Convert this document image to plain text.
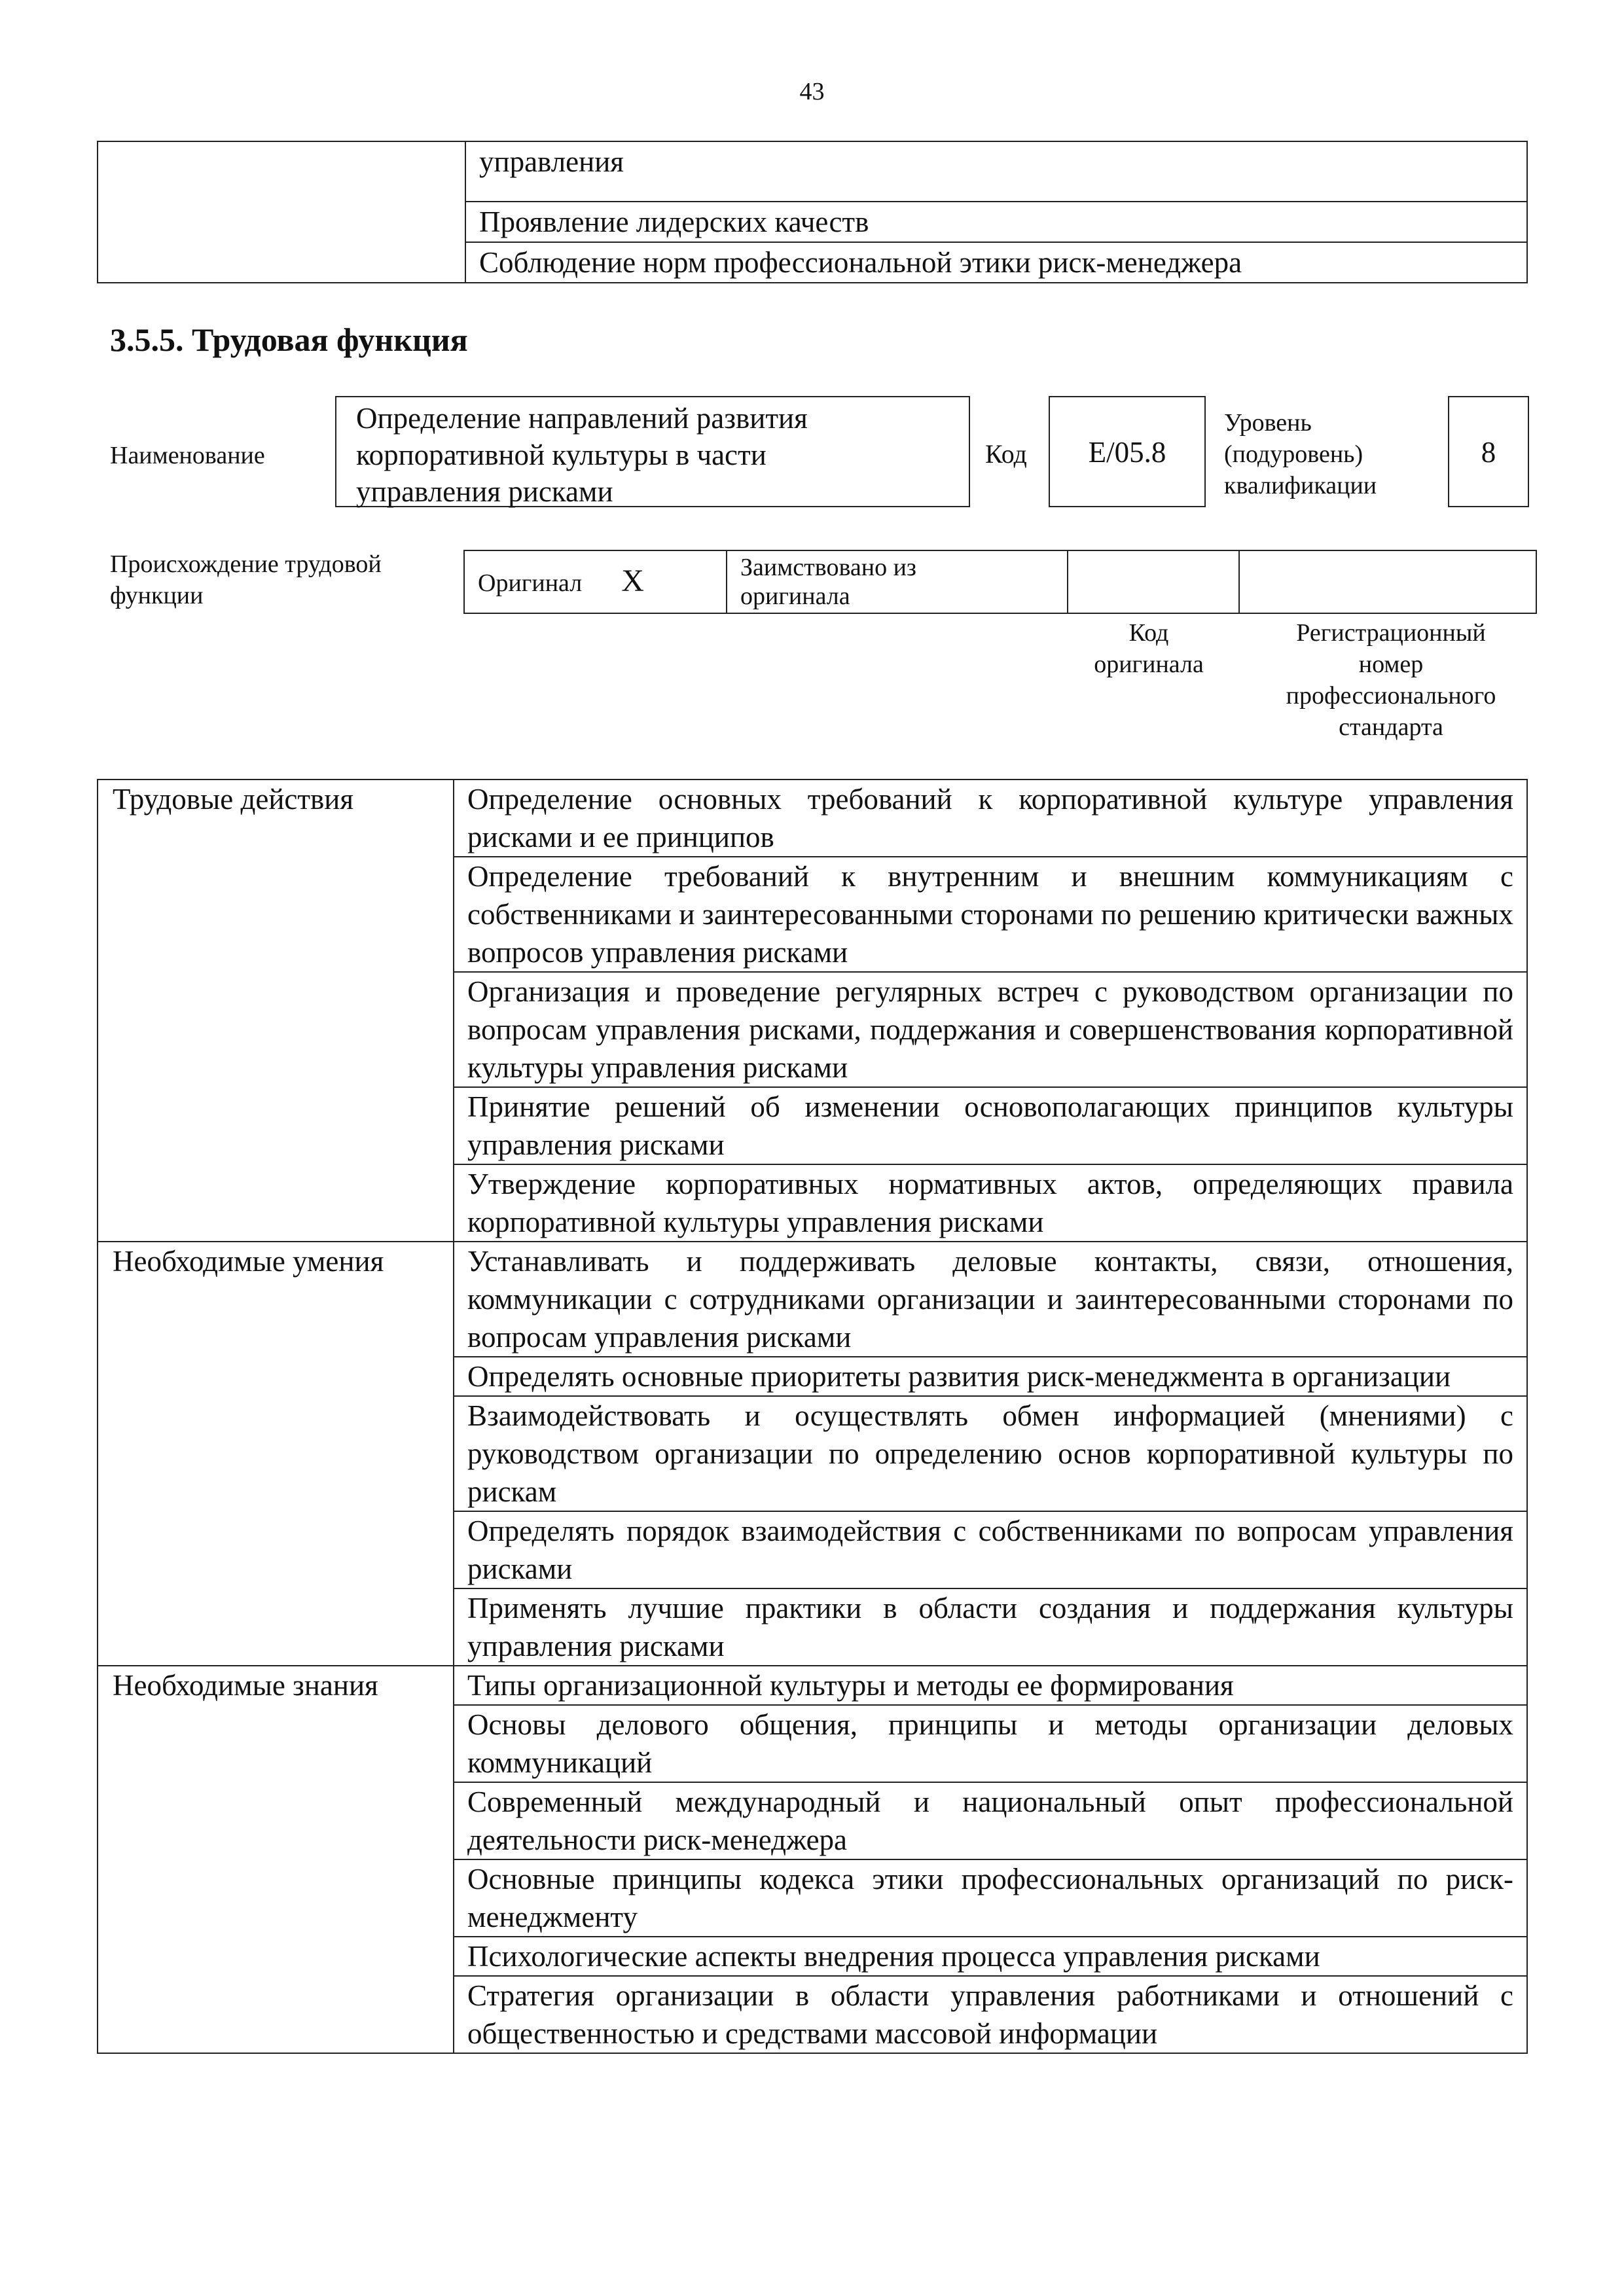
43
	управления
Проявление лидерских качеств
Соблюдение норм профессиональной этики риск-менеджера
3.5.5. Трудовая функция
Наименование
Определение направлений развития
корпоративной культуры в части
управления рисками
Код	E/05.8
Уровень
(подуровень)
квалификации
8
Происхождение трудовой
функции	Оригинал X	Заимствовано из
оригинала

Код
оригинала
Регистрационный
номер
профессионального
стандарта
Трудовые действия	Определение основных требований к корпоративной культуре управления рисками и ее принципов
	Определение требований к внутренним и внешним коммуникациям с собственниками и заинтересованными сторонами по решению критически важных вопросов управления рисками
	Организация и проведение регулярных встреч с руководством организации по вопросам управления рисками, поддержания и совершенствования корпоративной культуры управления рисками
	Принятие решений об изменении основополагающих принципов культуры управления рисками
	Утверждение корпоративных нормативных актов, определяющих правила корпоративной культуры управления рисками
Необходимые умения	Устанавливать и поддерживать деловые контакты, связи, отношения, коммуникации с сотрудниками организации и заинтересованными сторонами по вопросам управления рисками
	Определять основные приоритеты развития риск-менеджмента в организации
	Взаимодействовать и осуществлять обмен информацией (мнениями) с руководством организации по определению основ корпоративной культуры по рискам
	Определять порядок взаимодействия с собственниками по вопросам управления рисками
	Применять лучшие практики в области создания и поддержания культуры управления рисками
Необходимые знания	Типы организационной культуры и методы ее формирования
	Основы делового общения, принципы и методы организации деловых коммуникаций
	Современный международный и национальный опыт профессиональной деятельности риск-менеджера
	Основные принципы кодекса этики профессиональных организаций по риск-менеджменту
	Психологические аспекты внедрения процесса управления рисками
	Стратегия организации в области управления работниками и отношений с общественностью и средствами массовой информации
